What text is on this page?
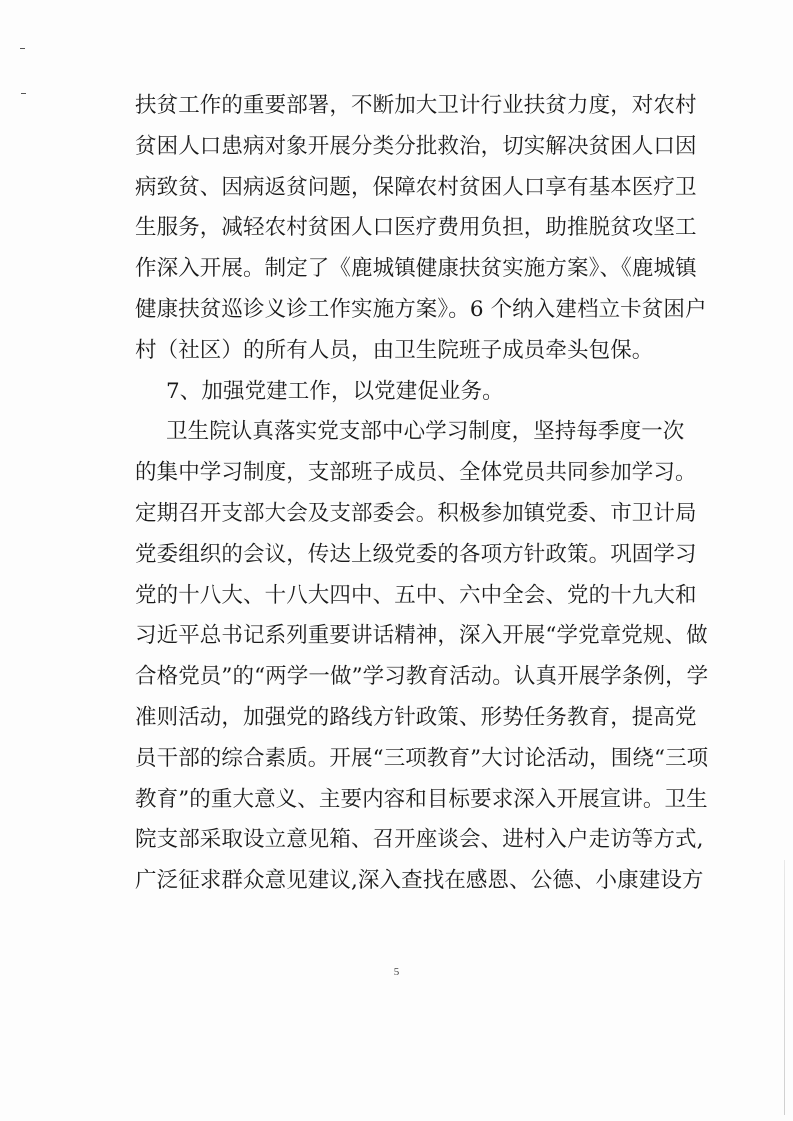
扶贫工作的重要部署，不断加大卫计行业扶贫力度，对农村
贫困人口患病对象开展分类分批救治，切实解决贫困人口因
病致贫、因病返贫问题，保障农村贫困人口享有基本医疗卫
生服务，减轻农村贫困人口医疗费用负担，助推脱贫攻坚工
作深入开展。制定了《鹿城镇健康扶贫实施方案》、《鹿城镇
健康扶贫巡诊义诊工作实施方案》。6 个纳入建档立卡贫困户
村（社区）的所有人员，由卫生院班子成员牵头包保。
7、加强党建工作，以党建促业务。
卫生院认真落实党支部中心学习制度，坚持每季度一次
的集中学习制度，支部班子成员、全体党员共同参加学习。
定期召开支部大会及支部委会。积极参加镇党委、市卫计局
党委组织的会议，传达上级党委的各项方针政策。巩固学习
党的十八大、十八大四中、五中、六中全会、党的十九大和
习近平总书记系列重要讲话精神，深入开展“学党章党规、做
合格党员”的“两学一做”学习教育活动。认真开展学条例，学
准则活动，加强党的路线方针政策、形势任务教育，提高党
员干部的综合素质。开展“三项教育”大讨论活动，围绕“三项
教育”的重大意义、主要内容和目标要求深入开展宣讲。卫生
院支部采取设立意见箱、召开座谈会、进村入户走访等方式,
广泛征求群众意见建议,深入查找在感恩、公德、小康建设方
5
